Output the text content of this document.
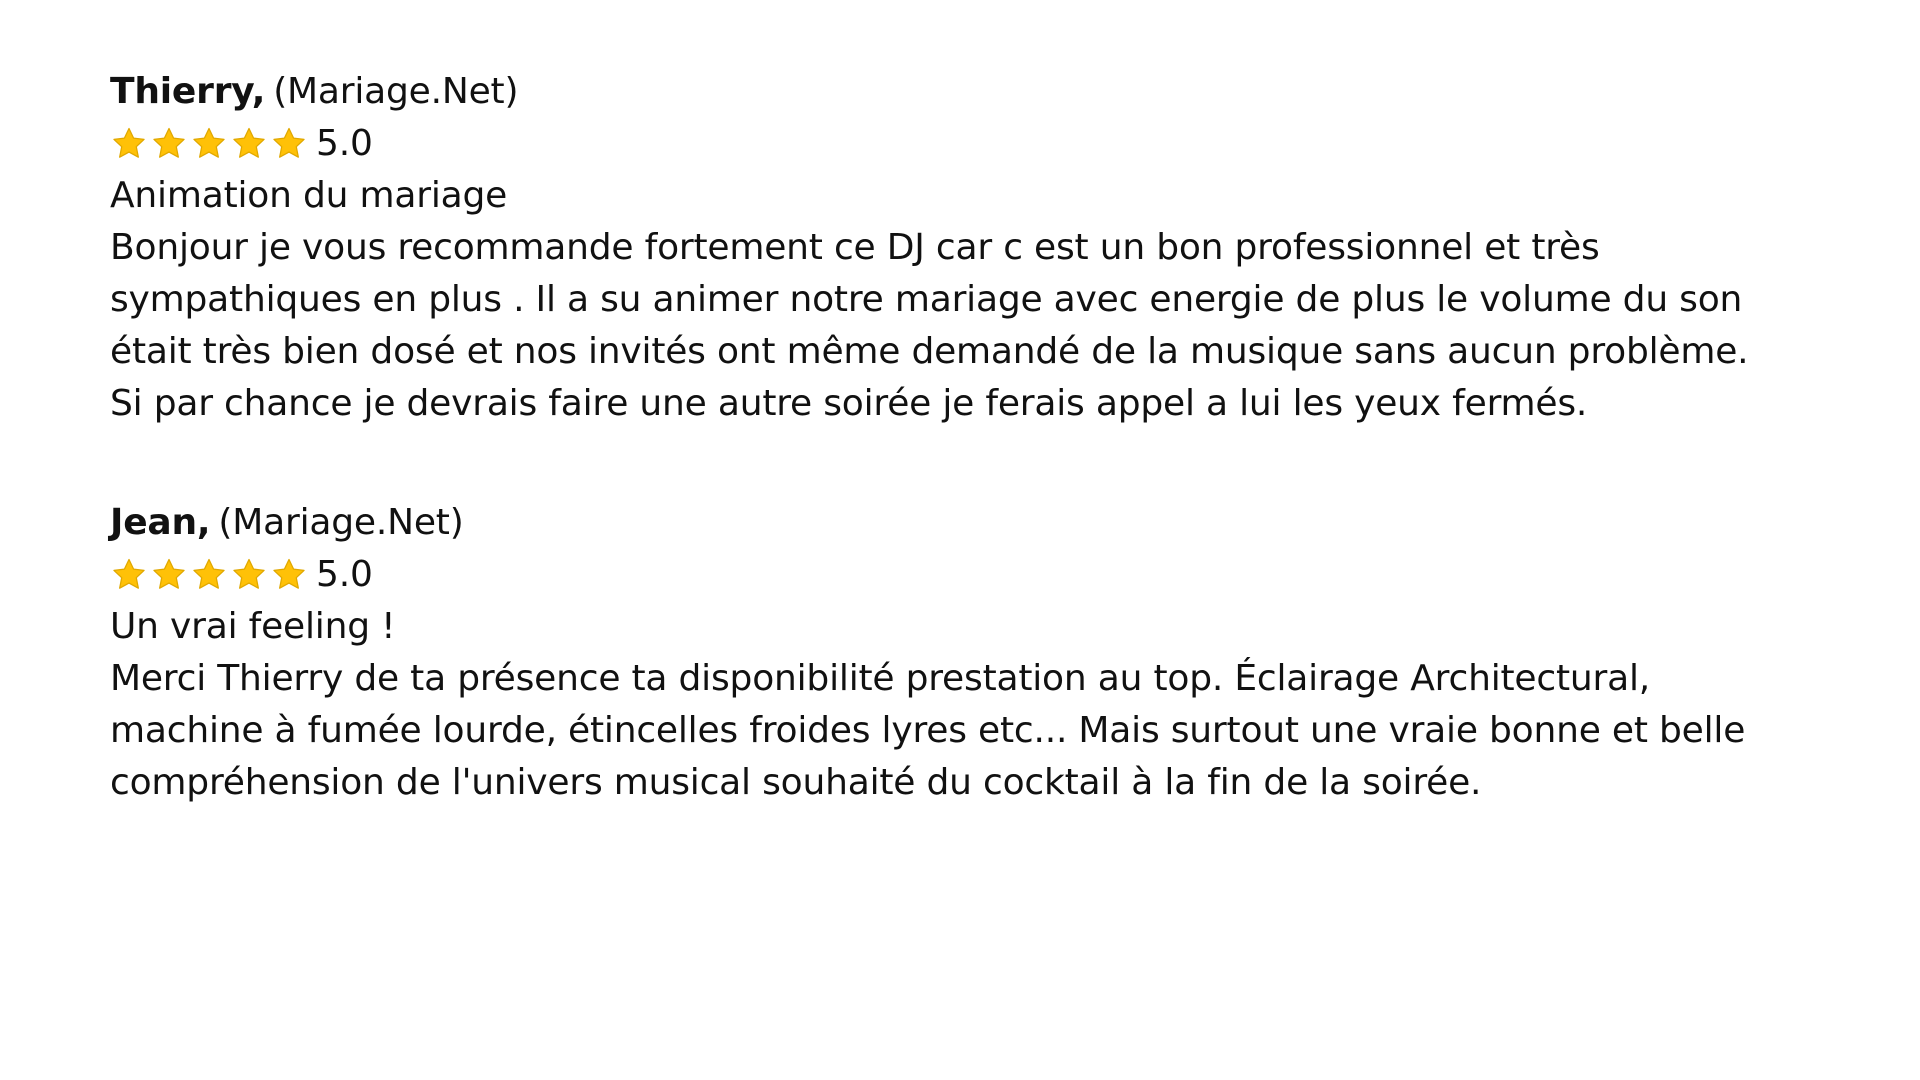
Thierry, (Mariage.Net)
5.0
Animation du mariage
Bonjour je vous recommande fortement ce DJ car c est un bon professionnel et très
sympathiques en plus . Il a su animer notre mariage avec energie de plus le volume du son
était très bien dosé et nos invités ont même demandé de la musique sans aucun problème.
Si par chance je devrais faire une autre soirée je ferais appel a lui les yeux fermés.
Jean, (Mariage.Net)
5.0
Un vrai feeling !
Merci Thierry de ta présence ta disponibilité prestation au top. Éclairage Architectural,
machine à fumée lourde, étincelles froides lyres etc... Mais surtout une vraie bonne et belle
compréhension de l'univers musical souhaité du cocktail à la fin de la soirée.
